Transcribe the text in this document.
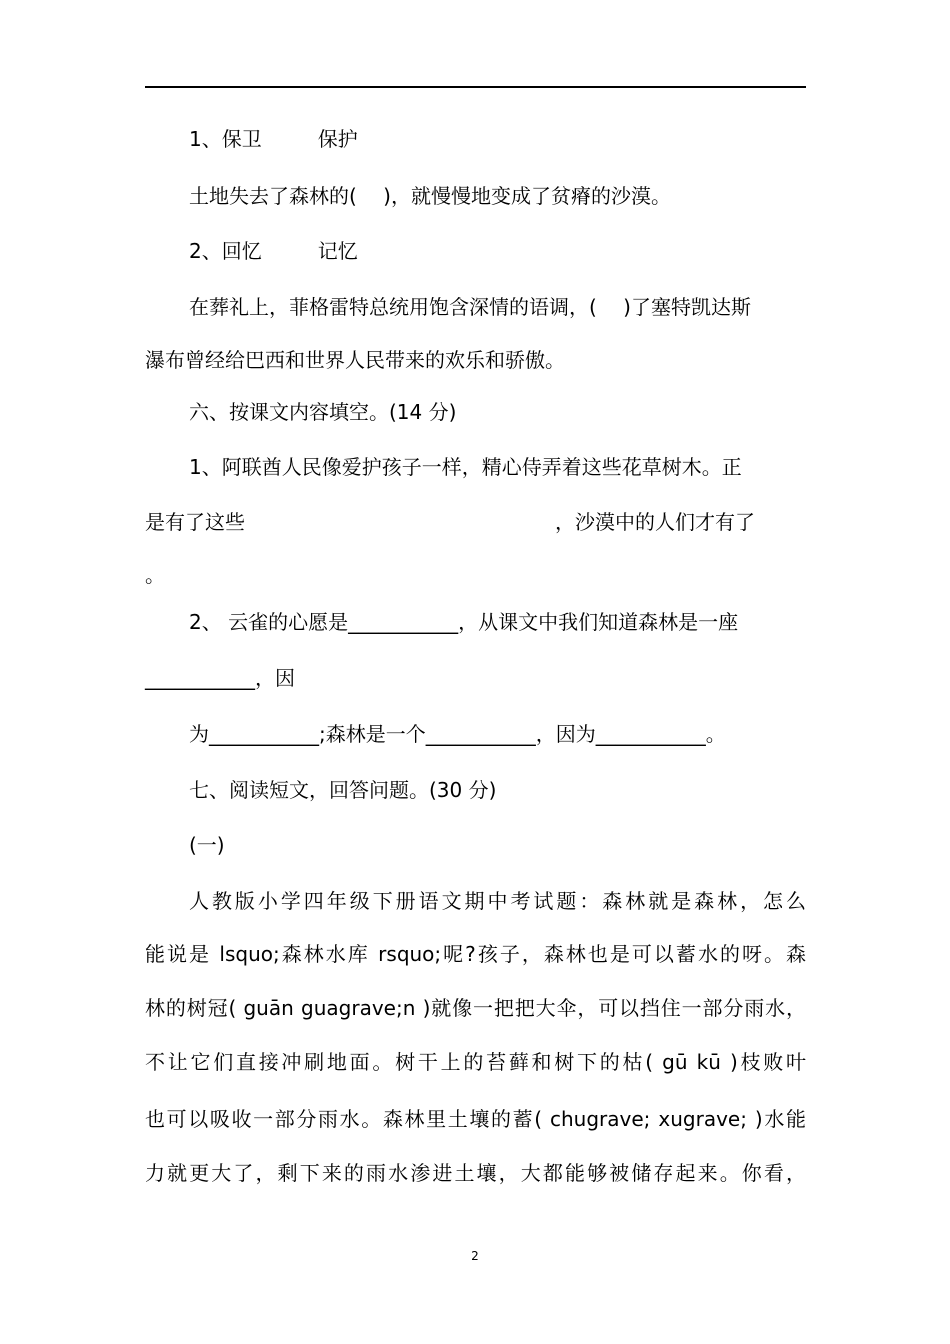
1、保卫	保护

土地失去了森林的(　 )，就慢慢地变成了贫瘠的沙漠。

2、回忆	记忆

在葬礼上，菲格雷特总统用饱含深情的语调，( 　)了塞特凯达斯

瀑布曾经给巴西和世界人民带来的欢乐和骄傲。

六、按课文内容填空。(14 分)

1、阿联酋人民像爱护孩子一样，精心侍弄着这些花草树木。正

是有了这些	，沙漠中的人们才有了

。

2、 云雀的心愿是___________，从课文中我们知道森林是一座

___________，因

为___________;森林是一个___________，因为___________。

七、阅读短文，回答问题。(30 分)

(一)

人教版小学四年级下册语文期中考试题：森林就是森林，怎么

能说是 lsquo;森林水库 rsquo;呢?孩子，森林也是可以蓄水的呀。森

林的树冠( guān guagrave;n )就像一把把大伞，可以挡住一部分雨水，

不让它们直接冲刷地面。树干上的苔藓和树下的枯( gū kū )枝败叶

也可以吸收一部分雨水。森林里土壤的蓄( chugrave; xugrave; )水能

力就更大了，剩下来的雨水渗进土壤，大都能够被储存起来。你看，

2
